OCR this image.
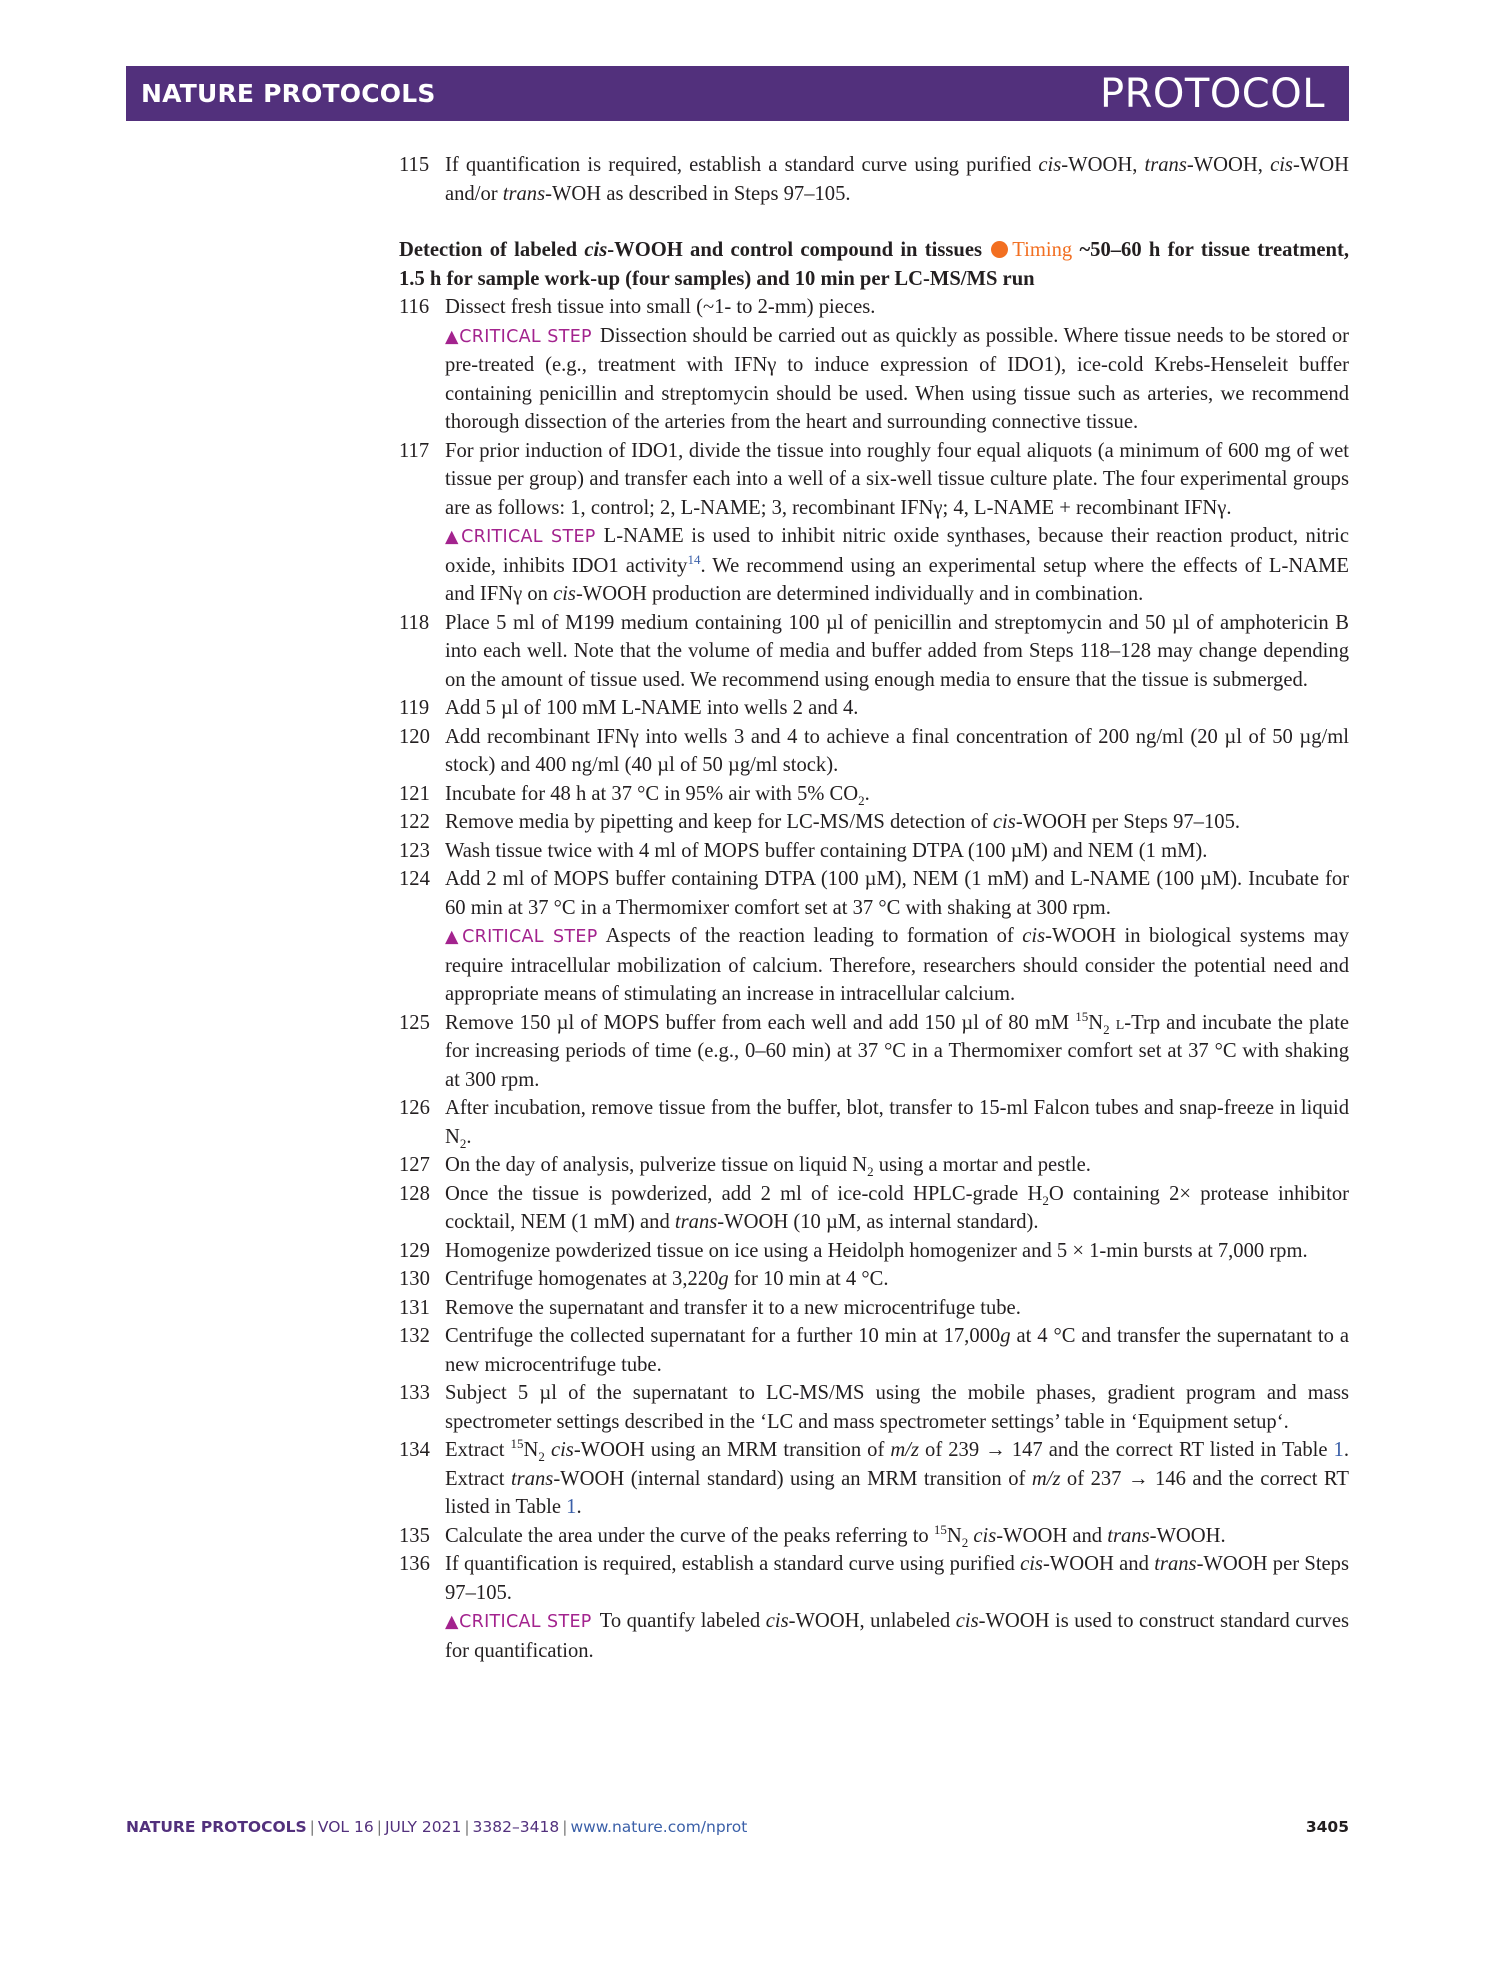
NATURE PROTOCOLS	PROTOCOL
115 If quantification is required, establish a standard curve using purified cis-WOOH, trans-WOOH, cis-WOH and/or trans-WOH as described in Steps 97–105.
Detection of labeled cis-WOOH and control compound in tissues Timing ~50–60 h for tissue treatment, 1.5 h for sample work-up (four samples) and 10 min per LC-MS/MS run
116 Dissect fresh tissue into small (~1- to 2-mm) pieces.
▲CRITICAL STEP Dissection should be carried out as quickly as possible. Where tissue needs to be stored or pre-treated (e.g., treatment with IFNγ to induce expression of IDO1), ice-cold Krebs-Henseleit buffer containing penicillin and streptomycin should be used. When using tissue such as arteries, we recommend thorough dissection of the arteries from the heart and surrounding connective tissue.
117 For prior induction of IDO1, divide the tissue into roughly four equal aliquots (a minimum of 600 mg of wet tissue per group) and transfer each into a well of a six-well tissue culture plate. The four experimental groups are as follows: 1, control; 2, L-NAME; 3, recombinant IFNγ; 4, L-NAME + recombinant IFNγ.
▲CRITICAL STEP L-NAME is used to inhibit nitric oxide synthases, because their reaction product, nitric oxide, inhibits IDO1 activity$^{14}$. We recommend using an experimental setup where the effects of L-NAME and IFNγ on cis-WOOH production are determined individually and in combination.
118 Place 5 ml of M199 medium containing 100 µl of penicillin and streptomycin and 50 µl of amphotericin B into each well. Note that the volume of media and buffer added from Steps 118–128 may change depending on the amount of tissue used. We recommend using enough media to ensure that the tissue is submerged.
119 Add 5 µl of 100 mM L-NAME into wells 2 and 4.
120 Add recombinant IFNγ into wells 3 and 4 to achieve a final concentration of 200 ng/ml (20 µl of 50 µg/ml stock) and 400 ng/ml (40 µl of 50 µg/ml stock).
121 Incubate for 48 h at 37 °C in 95% air with 5% $CO_2$.
122 Remove media by pipetting and keep for LC-MS/MS detection of cis-WOOH per Steps 97–105.
123 Wash tissue twice with 4 ml of MOPS buffer containing DTPA (100 µM) and NEM (1 mM).
124 Add 2 ml of MOPS buffer containing DTPA (100 µM), NEM (1 mM) and L-NAME (100 µM). Incubate for 60 min at 37 °C in a Thermomixer comfort set at 37 °C with shaking at 300 rpm.
▲CRITICAL STEP Aspects of the reaction leading to formation of cis-WOOH in biological systems may require intracellular mobilization of calcium. Therefore, researchers should consider the potential need and appropriate means of stimulating an increase in intracellular calcium.
125 Remove 150 µl of MOPS buffer from each well and add 150 µl of 80 mM $^{15}N_2$ l-Trp and incubate the plate for increasing periods of time (e.g., 0–60 min) at 37 °C in a Thermomixer comfort set at 37 °C with shaking at 300 rpm.
126 After incubation, remove tissue from the buffer, blot, transfer to 15-ml Falcon tubes and snap-freeze in liquid $N_2$.
127 On the day of analysis, pulverize tissue on liquid $N_2$ using a mortar and pestle.
128 Once the tissue is powderized, add 2 ml of ice-cold HPLC-grade $H_2O$ containing 2× protease inhibitor cocktail, NEM (1 mM) and trans-WOOH (10 µM, as internal standard).
129 Homogenize powderized tissue on ice using a Heidolph homogenizer and 5 × 1-min bursts at 7,000 rpm.
130 Centrifuge homogenates at 3,220g for 10 min at 4 °C.
131 Remove the supernatant and transfer it to a new microcentrifuge tube.
132 Centrifuge the collected supernatant for a further 10 min at 17,000g at 4 °C and transfer the supernatant to a new microcentrifuge tube.
133 Subject 5 µl of the supernatant to LC-MS/MS using the mobile phases, gradient program and mass spectrometer settings described in the ‘LC and mass spectrometer settings’ table in ‘Equipment setup‘.
134 Extract $^{15}N_2$ cis-WOOH using an MRM transition of m/z of 239 → 147 and the correct RT listed in Table 1. Extract trans-WOOH (internal standard) using an MRM transition of m/z of 237 → 146 and the correct RT listed in Table 1.
135 Calculate the area under the curve of the peaks referring to $^{15}N_2$ cis-WOOH and trans-WOOH.
136 If quantification is required, establish a standard curve using purified cis-WOOH and trans-WOOH per Steps 97–105.
▲CRITICAL STEP To quantify labeled cis-WOOH, unlabeled cis-WOOH is used to construct standard curves for quantification.
NATURE PROTOCOLS | VOL 16 | JULY 2021 | 3382–3418 | www.nature.com/nprot	3405
